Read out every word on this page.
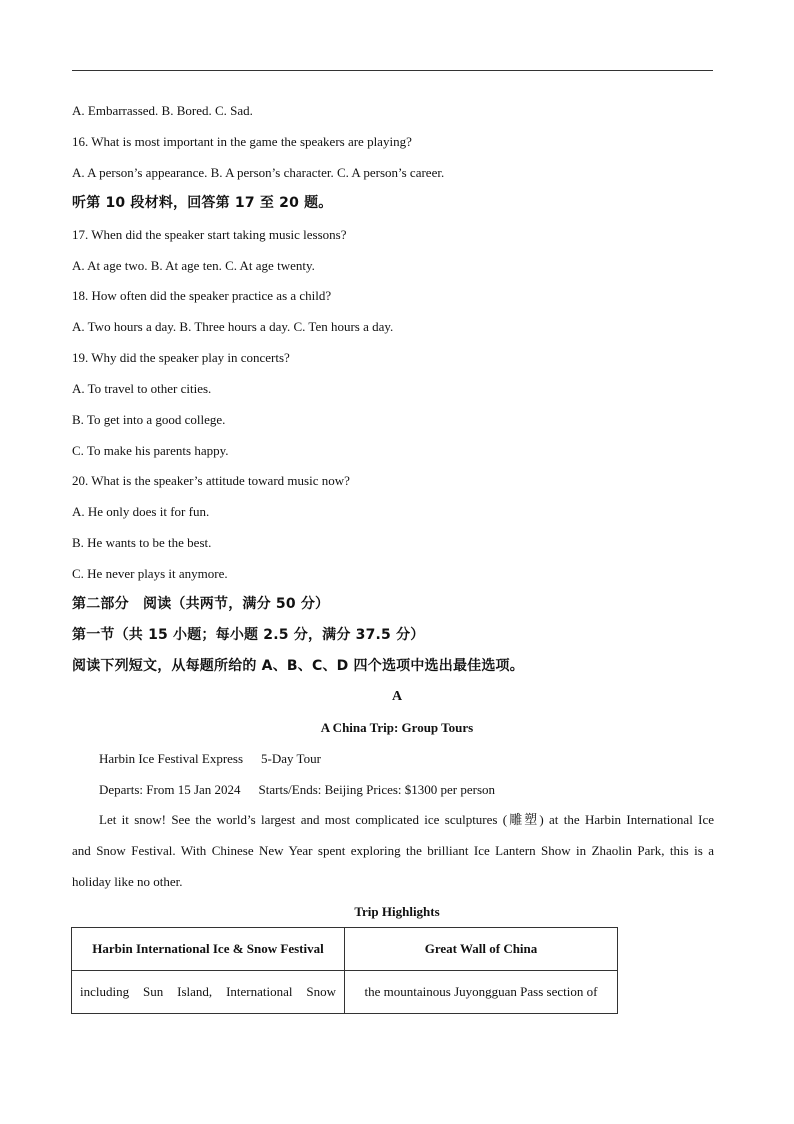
A. Embarrassed. B. Bored. C. Sad.
16. What is most important in the game the speakers are playing?
A. A person’s appearance. B. A person’s character. C. A person’s career.
听第 10 段材料，回答第 17 至 20 题。
17. When did the speaker start taking music lessons?
A. At age two. B. At age ten. C. At age twenty.
18. How often did the speaker practice as a child?
A. Two hours a day. B. Three hours a day. C. Ten hours a day.
19. Why did the speaker play in concerts?
A. To travel to other cities.
B. To get into a good college.
C. To make his parents happy.
20. What is the speaker’s attitude toward music now?
A. He only does it for fun.
B. He wants to be the best.
C. He never plays it anymore.
第二部分　阅读（共两节，满分 50 分）
第一节（共 15 小题；每小题 2.5 分，满分 37.5 分）
阅读下列短文，从每题所给的 A、B、C、D 四个选项中选出最佳选项。
A
A China Trip: Group Tours
Harbin Ice Festival Express 5-Day Tour
Departs: From 15 Jan 2024 Starts/Ends: Beijing Prices: $1300 per person
Let it snow! See the world’s largest and most complicated ice sculptures (雕塑) at the Harbin International Ice
and Snow Festival. With Chinese New Year spent exploring the brilliant Ice Lantern Show in Zhaolin Park, this is a
holiday like no other.
Trip Highlights
Harbin International Ice & Snow Festival	Great Wall of China
including Sun Island, International Snow	the mountainous Juyongguan Pass section of
